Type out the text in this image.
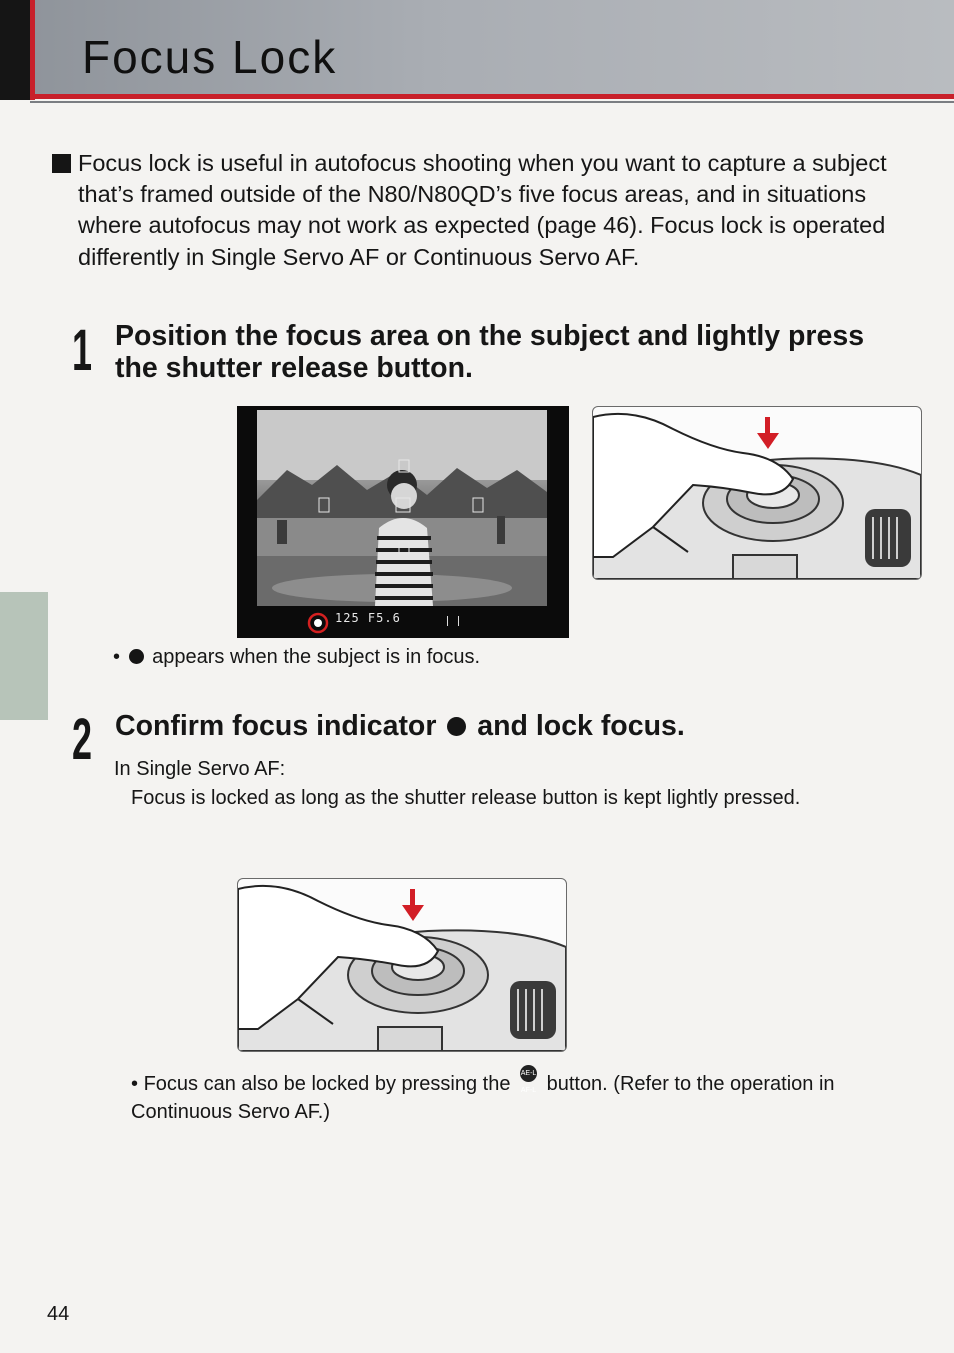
Focus Lock

Focus lock is useful in autofocus shooting when you want to capture a subject that’s framed outside of the N80/N80QD’s five focus areas, and in situations where autofocus may not work as expected (page 46). Focus lock is operated differently in Single Servo AF or Continuous Servo AF.

1 Position the focus area on the subject and lightly press the shutter release button.
125 F5.6

• appears when the subject is in focus.

2 Confirm focus indicator and lock focus.

In Single Servo AF:

Focus is locked as long as the shutter release button is kept lightly pressed.

• Focus can also be locked by pressing the AE-L AF-L button. (Refer to the operation in Continuous Servo AF.)
44
